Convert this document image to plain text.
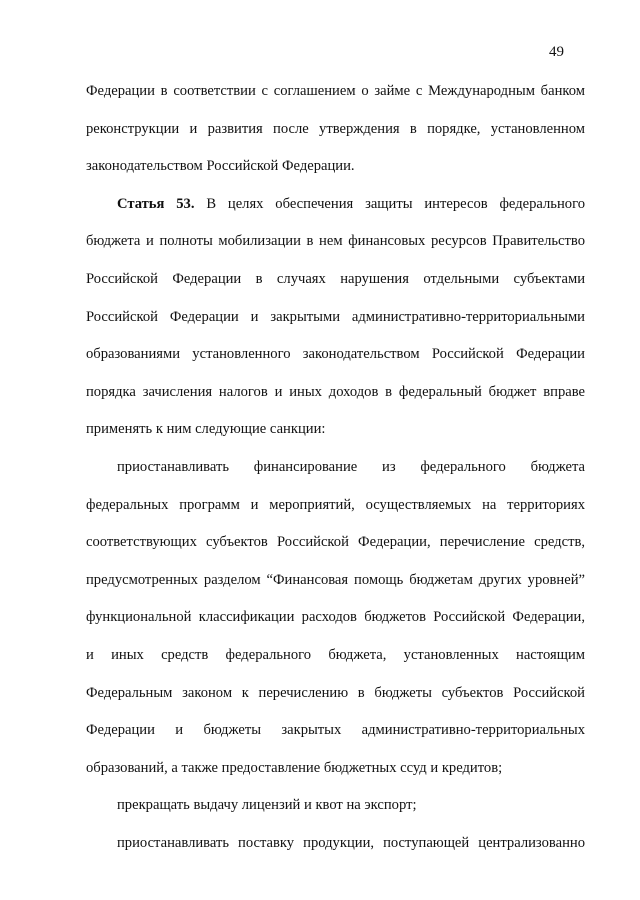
49
Федерации в соответствии с соглашением о займе с Международным банком
реконструкции и развития после утверждения в порядке, установленном
законодательством Российской Федерации.
Статья 53. В целях обеспечения защиты интересов федерального
бюджета и полноты мобилизации в нем финансовых ресурсов Правительство
Российской Федерации в случаях нарушения отдельными субъектами
Российской Федерации и закрытыми административно-территориальными
образованиями установленного законодательством Российской Федерации
порядка зачисления налогов и иных доходов в федеральный бюджет вправе
применять к ним следующие санкции:
приостанавливать финансирование из федерального бюджета
федеральных программ и мероприятий, осуществляемых на территориях
соответствующих субъектов Российской Федерации, перечисление средств,
предусмотренных разделом “Финансовая помощь бюджетам других уровней”
функциональной классификации расходов бюджетов Российской Федерации,
и иных средств федерального бюджета, установленных настоящим
Федеральным законом к перечислению в бюджеты субъектов Российской
Федерации и бюджеты закрытых административно-территориальных
образований, а также предоставление бюджетных ссуд и кредитов;
прекращать выдачу лицензий и квот на экспорт;
приостанавливать поставку продукции, поступающей централизованно
